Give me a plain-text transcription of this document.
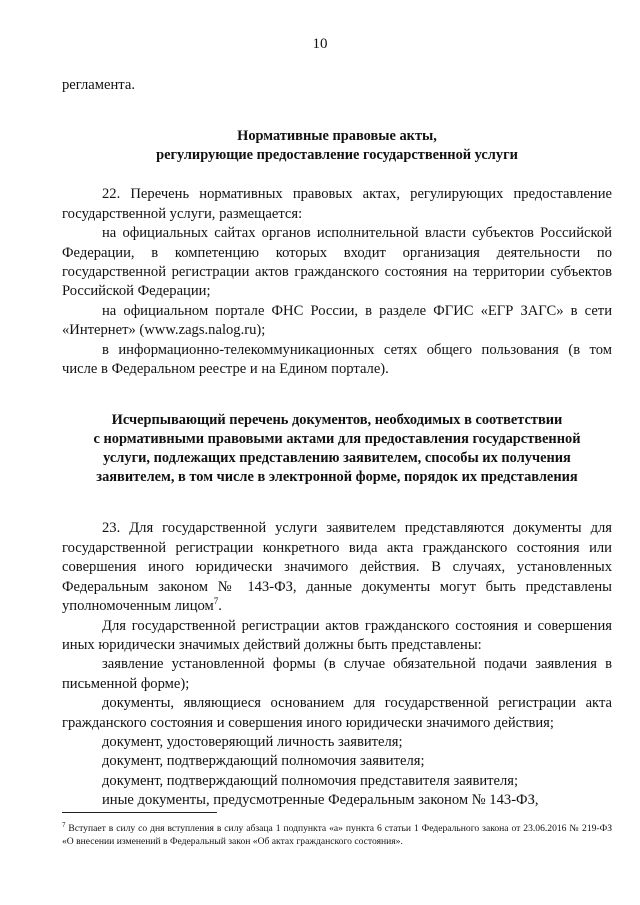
10

регламента.

Нормативные правовые акты,

регулирующие предоставление государственной услуги

22. Перечень нормативных правовых актах, регулирующих предоставление государственной услуги, размещается:

на официальных сайтах органов исполнительной власти субъектов Российской Федерации, в компетенцию которых входит организация деятельности по государственной регистрации актов гражданского состояния на территории субъектов Российской Федерации;

на официальном портале ФНС России, в разделе ФГИС «ЕГР ЗАГС» в сети «Интернет» (www.zags.nalog.ru);

в информационно-телекоммуникационных сетях общего пользования (в том числе в Федеральном реестре и на Едином портале).

Исчерпывающий перечень документов, необходимых в соответствии

с нормативными правовыми актами для предоставления государственной

услуги, подлежащих представлению заявителем, способы их получения

заявителем, в том числе в электронной форме, порядок их представления

23. Для государственной услуги заявителем представляются документы для государственной регистрации конкретного вида акта гражданского состояния или совершения иного юридически значимого действия. В случаях, установленных Федеральным законом № 143-ФЗ, данные документы могут быть представлены уполномоченным лицом$^7$.

Для государственной регистрации актов гражданского состояния и совершения иных юридически значимых действий должны быть представлены:

заявление установленной формы (в случае обязательной подачи заявления в письменной форме);

документы, являющиеся основанием для государственной регистрации акта гражданского состояния и совершения иного юридически значимого действия;

документ, удостоверяющий личность заявителя;

документ, подтверждающий полномочия заявителя;

документ, подтверждающий полномочия представителя заявителя;

иные документы, предусмотренные Федеральным законом № 143-ФЗ,

$^7$ Вступает в силу со дня вступления в силу абзаца 1 подпункта «а» пункта 6 статьи 1 Федерального закона от 23.06.2016 № 219-ФЗ «О внесении изменений в Федеральный закон «Об актах гражданского состояния».
